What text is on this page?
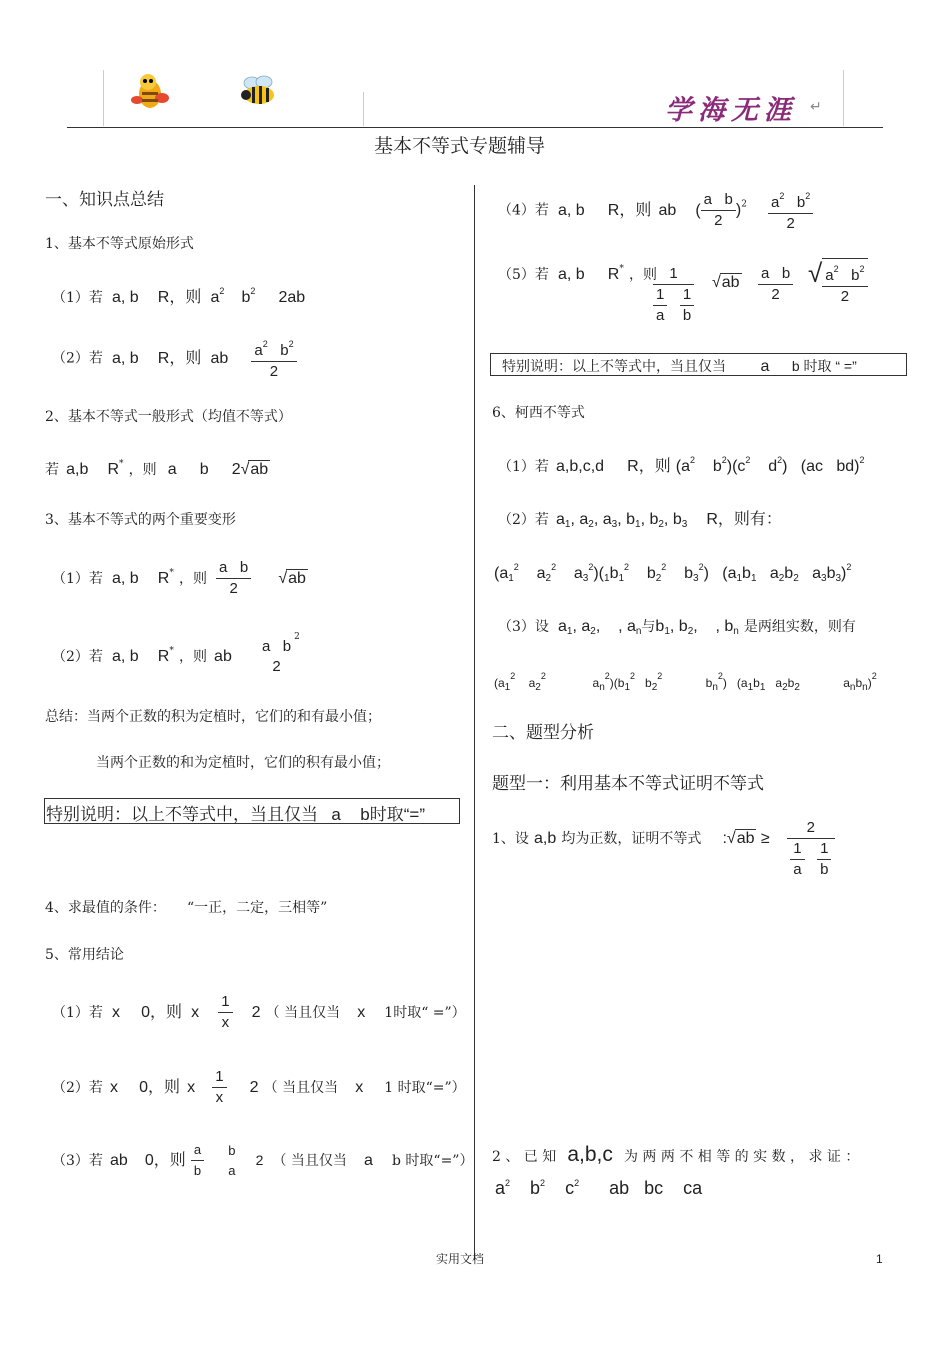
学海无涯 ↵
基本不等式专题辅导
一、知识点总结
1、基本不等式原始形式
（1）若 a, b R，则 $a^2$ $b^2$ 2ab
（2）若 a, b R，则 ab $\frac{a^2 b^2}{2}$
2、基本不等式一般形式（均值不等式）
若 a,b R* ，则 a b 2√ab
3、基本不等式的两个重要变形
（1）若 a, b R* ，则 $\frac{\text{a   b}}{2} √ab$
（2）若 a, b R* ，则 ab
a   b
2
$^2$
总结：当两个正数的积为定植时，它们的和有最小值；
当两个正数的和为定植时，它们的积有最小值；
特别说明：以上不等式中，当且仅当 a b时取“=”
4、求最值的条件： “一正，二定，三相等”
5、常用结论
（1）若 x 0，则 x $\frac{1}{x} 2$ （ 当且仅当 x 1时取“ =”）
（2）若 x 0，则 x $\frac{1}{x} 2$ （ 当且仅当 x 1 时取“=”）
（3）若 ab 0，则 $\frac{a}{b}$
b
a
2 （ 当且仅当 a b 时取“=”）
（4）若 a, b R，则 ab ( $\frac{\text{a   b}}{2} )^2 \frac{a^2 b^2}{2}$
（5）若 a, b R* ，则
1
$\frac{1}{a}$
$\frac{1}{b} √ab \frac{\text{a   b}}{2}$ √ $\frac{a^2 b^2}{2}$
特别说明：以上不等式中，当且仅当 a b 时取 “ =”
6、柯西不等式
（1）若 a,b,c,d R，则 ($a^2$    $b^2)(c^2$    $d^2$)   (ac   bd)$^2$
（2）若 $a_1$, $a_2$, $a_3$, $b_1$, $b_2$, $b_3$ R，则有：
($a_1^2$    $a_2^2$    $a_3^2)(_1b_1^2$    $b_2^2$    $b_3^2$)   ($a_1b_1$   $a_2b_2$   $a_3b_3)^2$
（3）设 $a_1$, $a_2$,    , $a_n$与$b_1$, $b_2$,    , $b_n$ 是两组实数，则有
($a_1^2$    $a_2^2$              $a_n^2)(b_1^2$   $b_2^2$             $b_n^2$)   ($a_1b_1$   $a_2b_2$             $a_nb_n)^2$
二、题型分析
题型一：利用基本不等式证明不等式
1、设 a,b 均为正数，证明不等式 :√ab ≥ 2
$\frac{1}{a}$
$\frac{1}{b}$
2 、 已 知 a,b,c 为 两 两 不 相 等 的 实 数 ， 求 证 ：
$a^2$    $b^2$    $c^2$      ab   bc    ca
实用文档	1
